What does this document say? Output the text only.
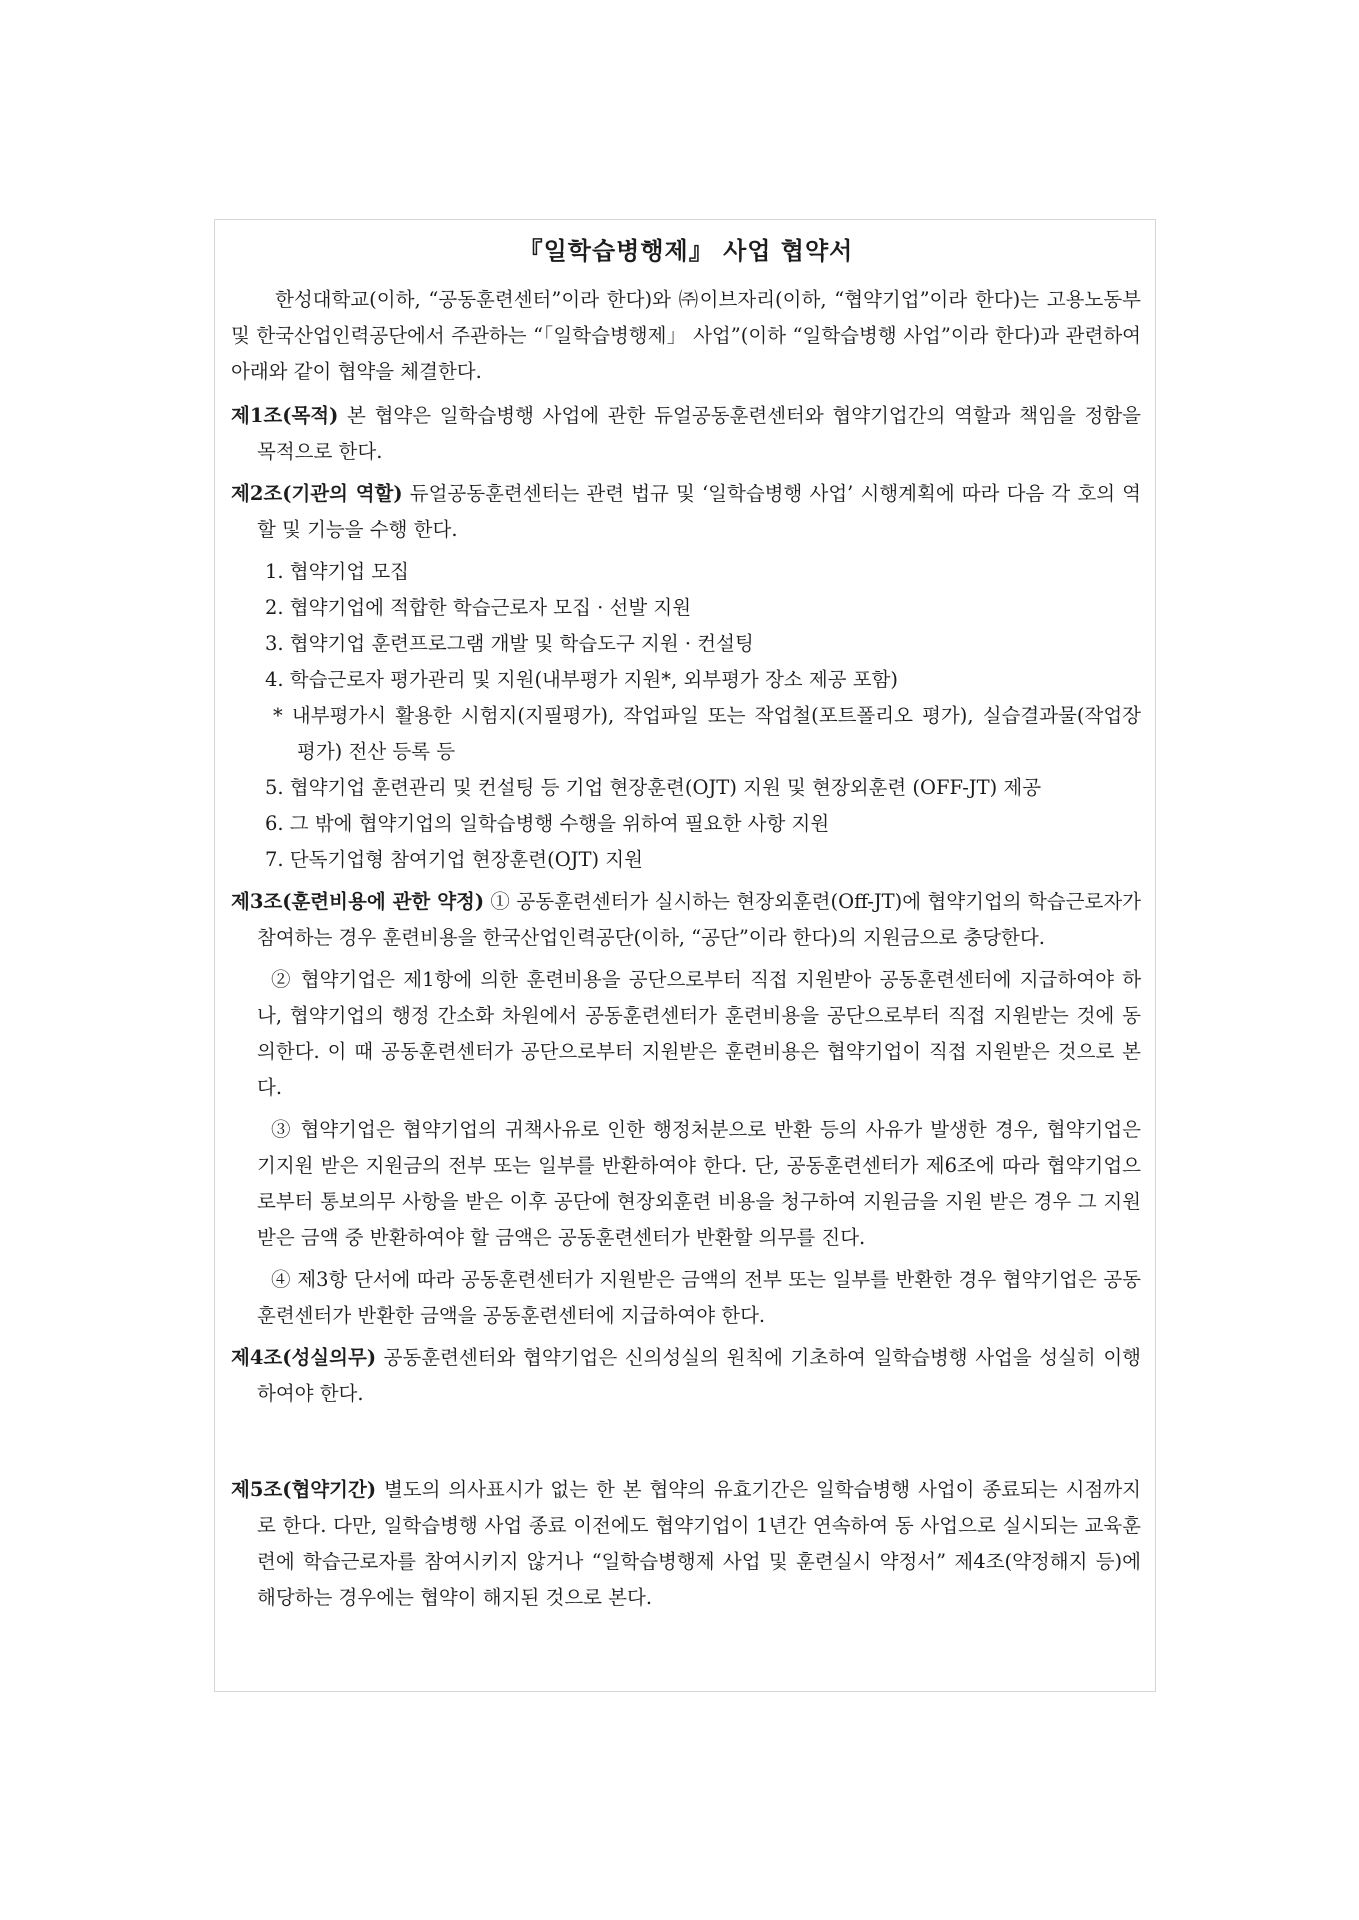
『일학습병행제』 사업 협약서

한성대학교(이하, “공동훈련센터”이라 한다)와 ㈜이브자리(이하, “협약기업”이라 한다)는 고용노동부 및 한국산업인력공단에서 주관하는 “「일학습병행제」 사업”(이하 “일학습병행 사업”이라 한다)과 관련하여 아래와 같이 협약을 체결한다.

제1조(목적) 본 협약은 일학습병행 사업에 관한 듀얼공동훈련센터와 협약기업간의 역할과 책임을 정함을 목적으로 한다.

제2조(기관의 역할) 듀얼공동훈련센터는 관련 법규 및 ‘일학습병행 사업’ 시행계획에 따라 다음 각 호의 역할 및 기능을 수행 한다.

1. 협약기업 모집
2. 협약기업에 적합한 학습근로자 모집 · 선발 지원
3. 협약기업 훈련프로그램 개발 및 학습도구 지원 · 컨설팅
4. 학습근로자 평가관리 및 지원(내부평가 지원*, 외부평가 장소 제공 포함)
* 내부평가시 활용한 시험지(지필평가), 작업파일 또는 작업철(포트폴리오 평가), 실습결과물(작업장 평가) 전산 등록 등
5. 협약기업 훈련관리 및 컨설팅 등 기업 현장훈련(OJT) 지원 및 현장외훈련 (OFF-JT) 제공
6. 그 밖에 협약기업의 일학습병행 수행을 위하여 필요한 사항 지원
7. 단독기업형 참여기업 현장훈련(OJT) 지원

제3조(훈련비용에 관한 약정) ① 공동훈련센터가 실시하는 현장외훈련(Off-JT)에 협약기업의 학습근로자가 참여하는 경우 훈련비용을 한국산업인력공단(이하, “공단”이라 한다)의 지원금으로 충당한다.

② 협약기업은 제1항에 의한 훈련비용을 공단으로부터 직접 지원받아 공동훈련센터에 지급하여야 하나, 협약기업의 행정 간소화 차원에서 공동훈련센터가 훈련비용을 공단으로부터 직접 지원받는 것에 동의한다. 이 때 공동훈련센터가 공단으로부터 지원받은 훈련비용은 협약기업이 직접 지원받은 것으로 본다.

③ 협약기업은 협약기업의 귀책사유로 인한 행정처분으로 반환 등의 사유가 발생한 경우, 협약기업은 기지원 받은 지원금의 전부 또는 일부를 반환하여야 한다. 단, 공동훈련센터가 제6조에 따라 협약기업으로부터 통보의무 사항을 받은 이후 공단에 현장외훈련 비용을 청구하여 지원금을 지원 받은 경우 그 지원 받은 금액 중 반환하여야 할 금액은 공동훈련센터가 반환할 의무를 진다.

④ 제3항 단서에 따라 공동훈련센터가 지원받은 금액의 전부 또는 일부를 반환한 경우 협약기업은 공동훈련센터가 반환한 금액을 공동훈련센터에 지급하여야 한다.

제4조(성실의무) 공동훈련센터와 협약기업은 신의성실의 원칙에 기초하여 일학습병행 사업을 성실히 이행하여야 한다.

제5조(협약기간) 별도의 의사표시가 없는 한 본 협약의 유효기간은 일학습병행 사업이 종료되는 시점까지로 한다. 다만, 일학습병행 사업 종료 이전에도 협약기업이 1년간 연속하여 동 사업으로 실시되는 교육훈련에 학습근로자를 참여시키지 않거나 “일학습병행제 사업 및 훈련실시 약정서” 제4조(약정해지 등)에 해당하는 경우에는 협약이 해지된 것으로 본다.
